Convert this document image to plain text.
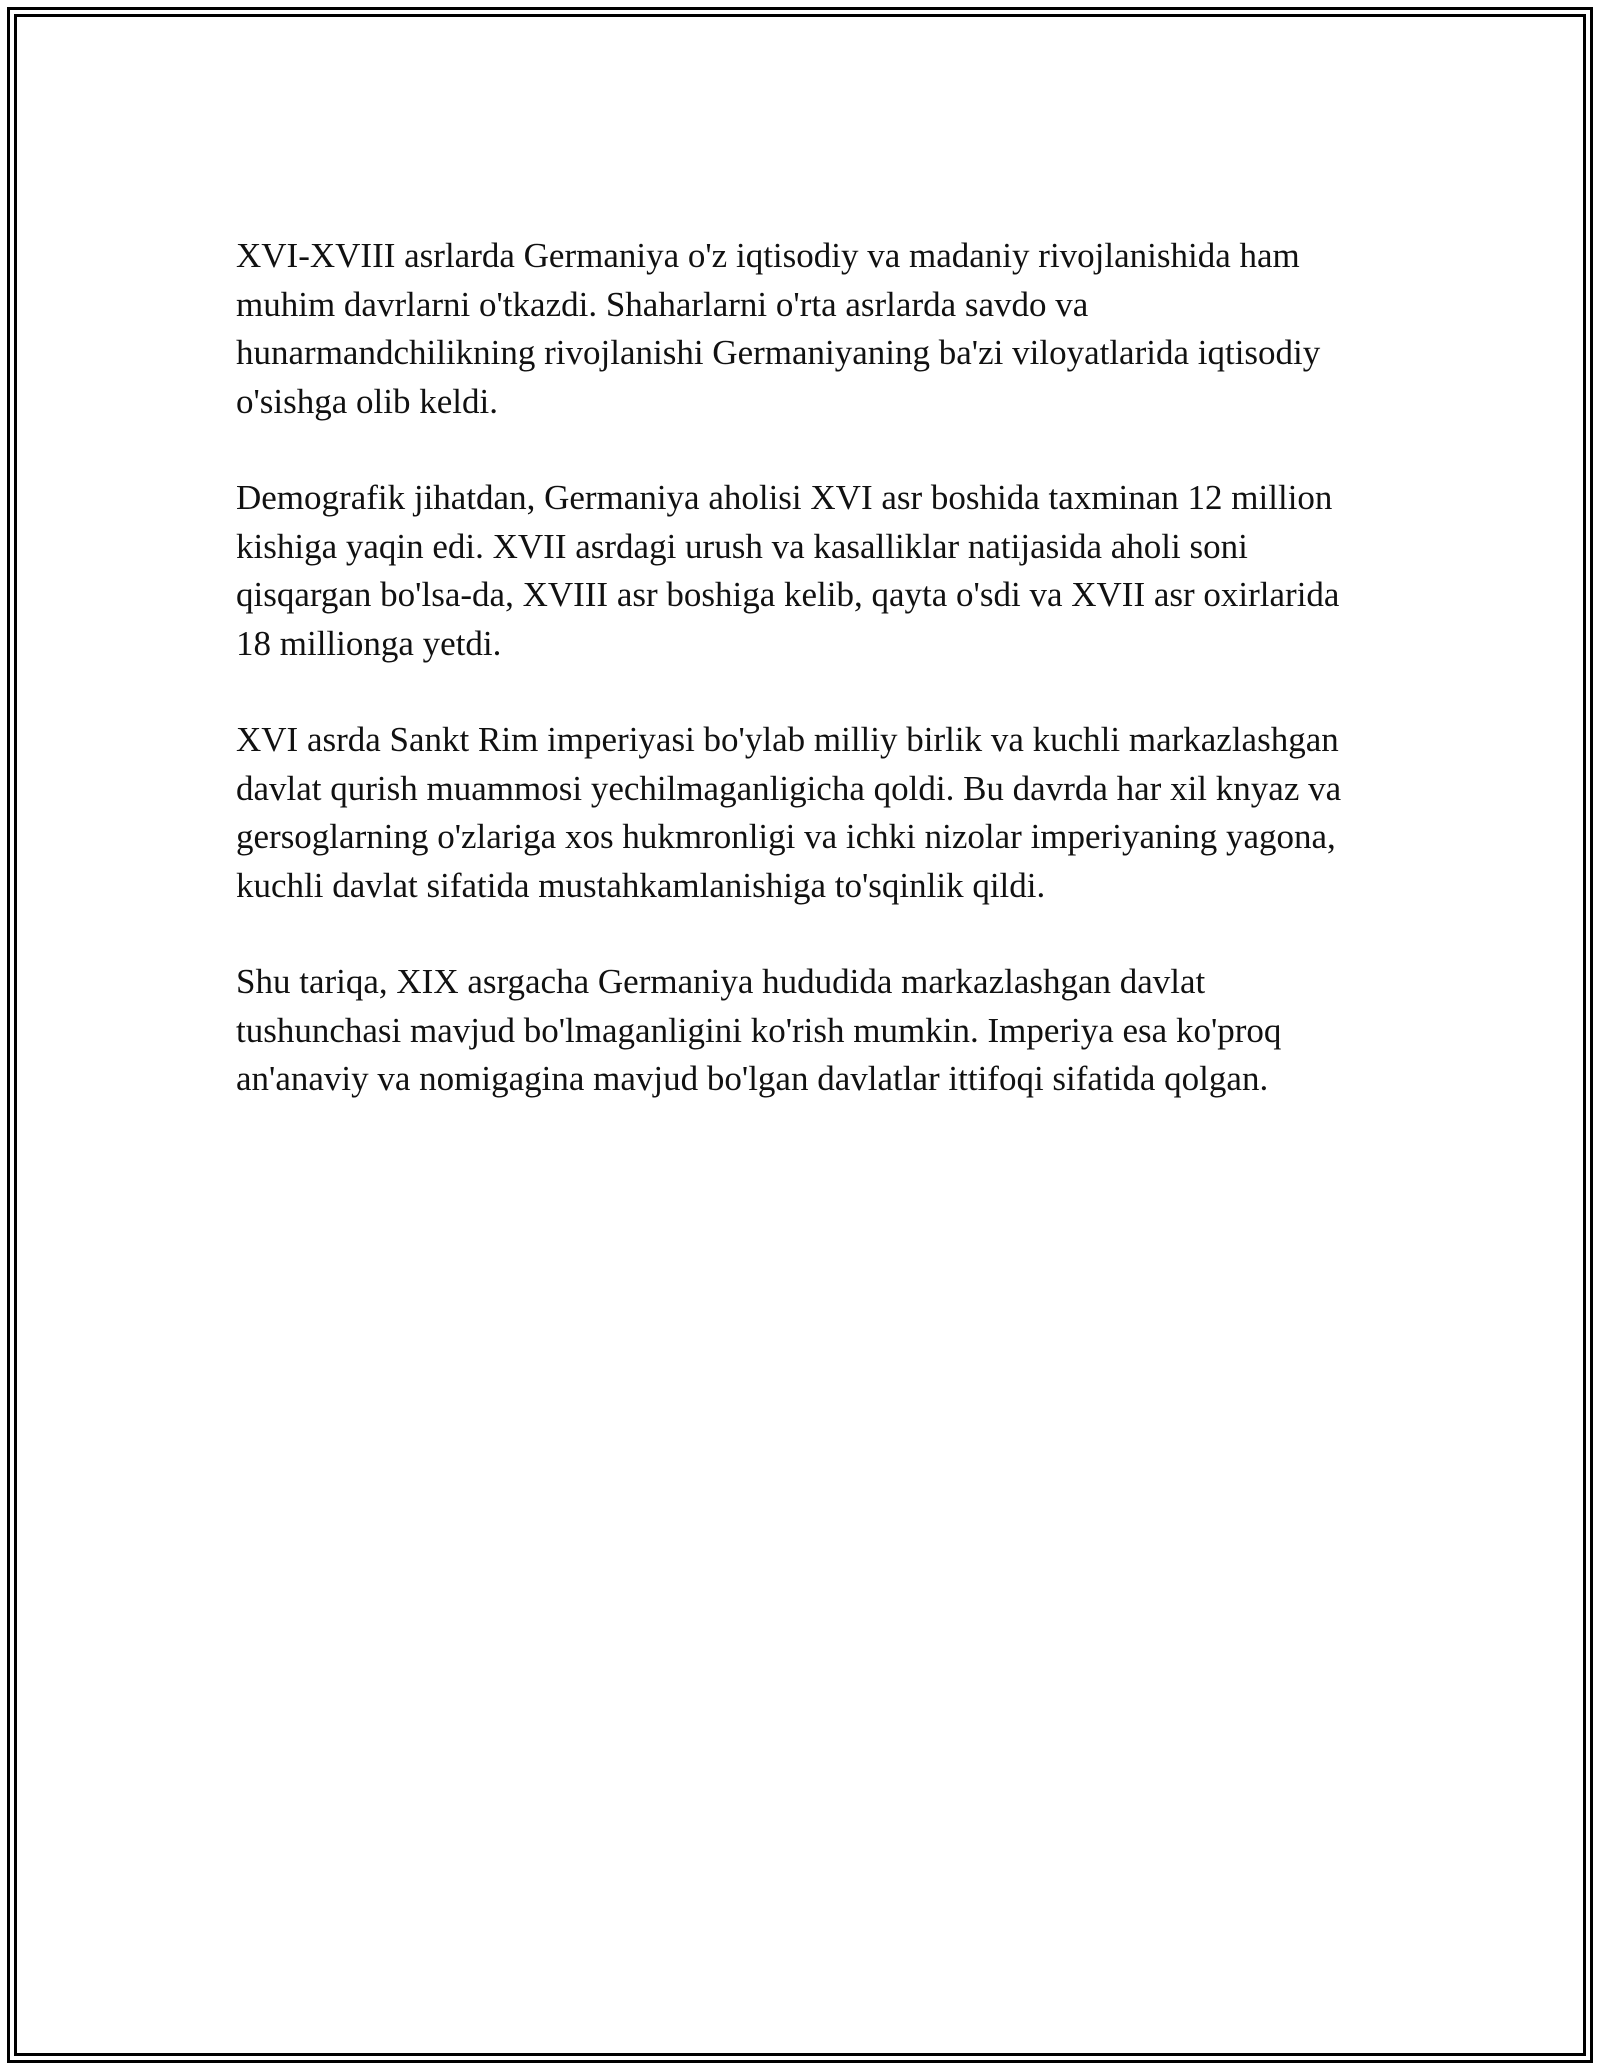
XVI-XVIII asrlarda Germaniya o'z iqtisodiy va madaniy rivojlanishida ham muhim davrlarni o'tkazdi. Shaharlarni o'rta asrlarda savdo va hunarmandchilikning rivojlanishi Germaniyaning ba'zi viloyatlarida iqtisodiy o'sishga olib keldi.

Demografik jihatdan, Germaniya aholisi XVI asr boshida taxminan 12 million kishiga yaqin edi. XVII asrdagi urush va kasalliklar natijasida aholi soni qisqargan bo'lsa-da, XVIII asr boshiga kelib, qayta o'sdi va XVII asr oxirlarida 18 millionga yetdi.

XVI asrda Sankt Rim imperiyasi bo'ylab milliy birlik va kuchli markazlashgan davlat qurish muammosi yechilmaganligicha qoldi. Bu davrda har xil knyaz va gersoglarning o'zlariga xos hukmronligi va ichki nizolar imperiyaning yagona, kuchli davlat sifatida mustahkamlanishiga to'sqinlik qildi.

Shu tariqa, XIX asrgacha Germaniya hududida markazlashgan davlat tushunchasi mavjud bo'lmaganligini ko'rish mumkin. Imperiya esa ko'proq an'anaviy va nomigagina mavjud bo'lgan davlatlar ittifoqi sifatida qolgan.
